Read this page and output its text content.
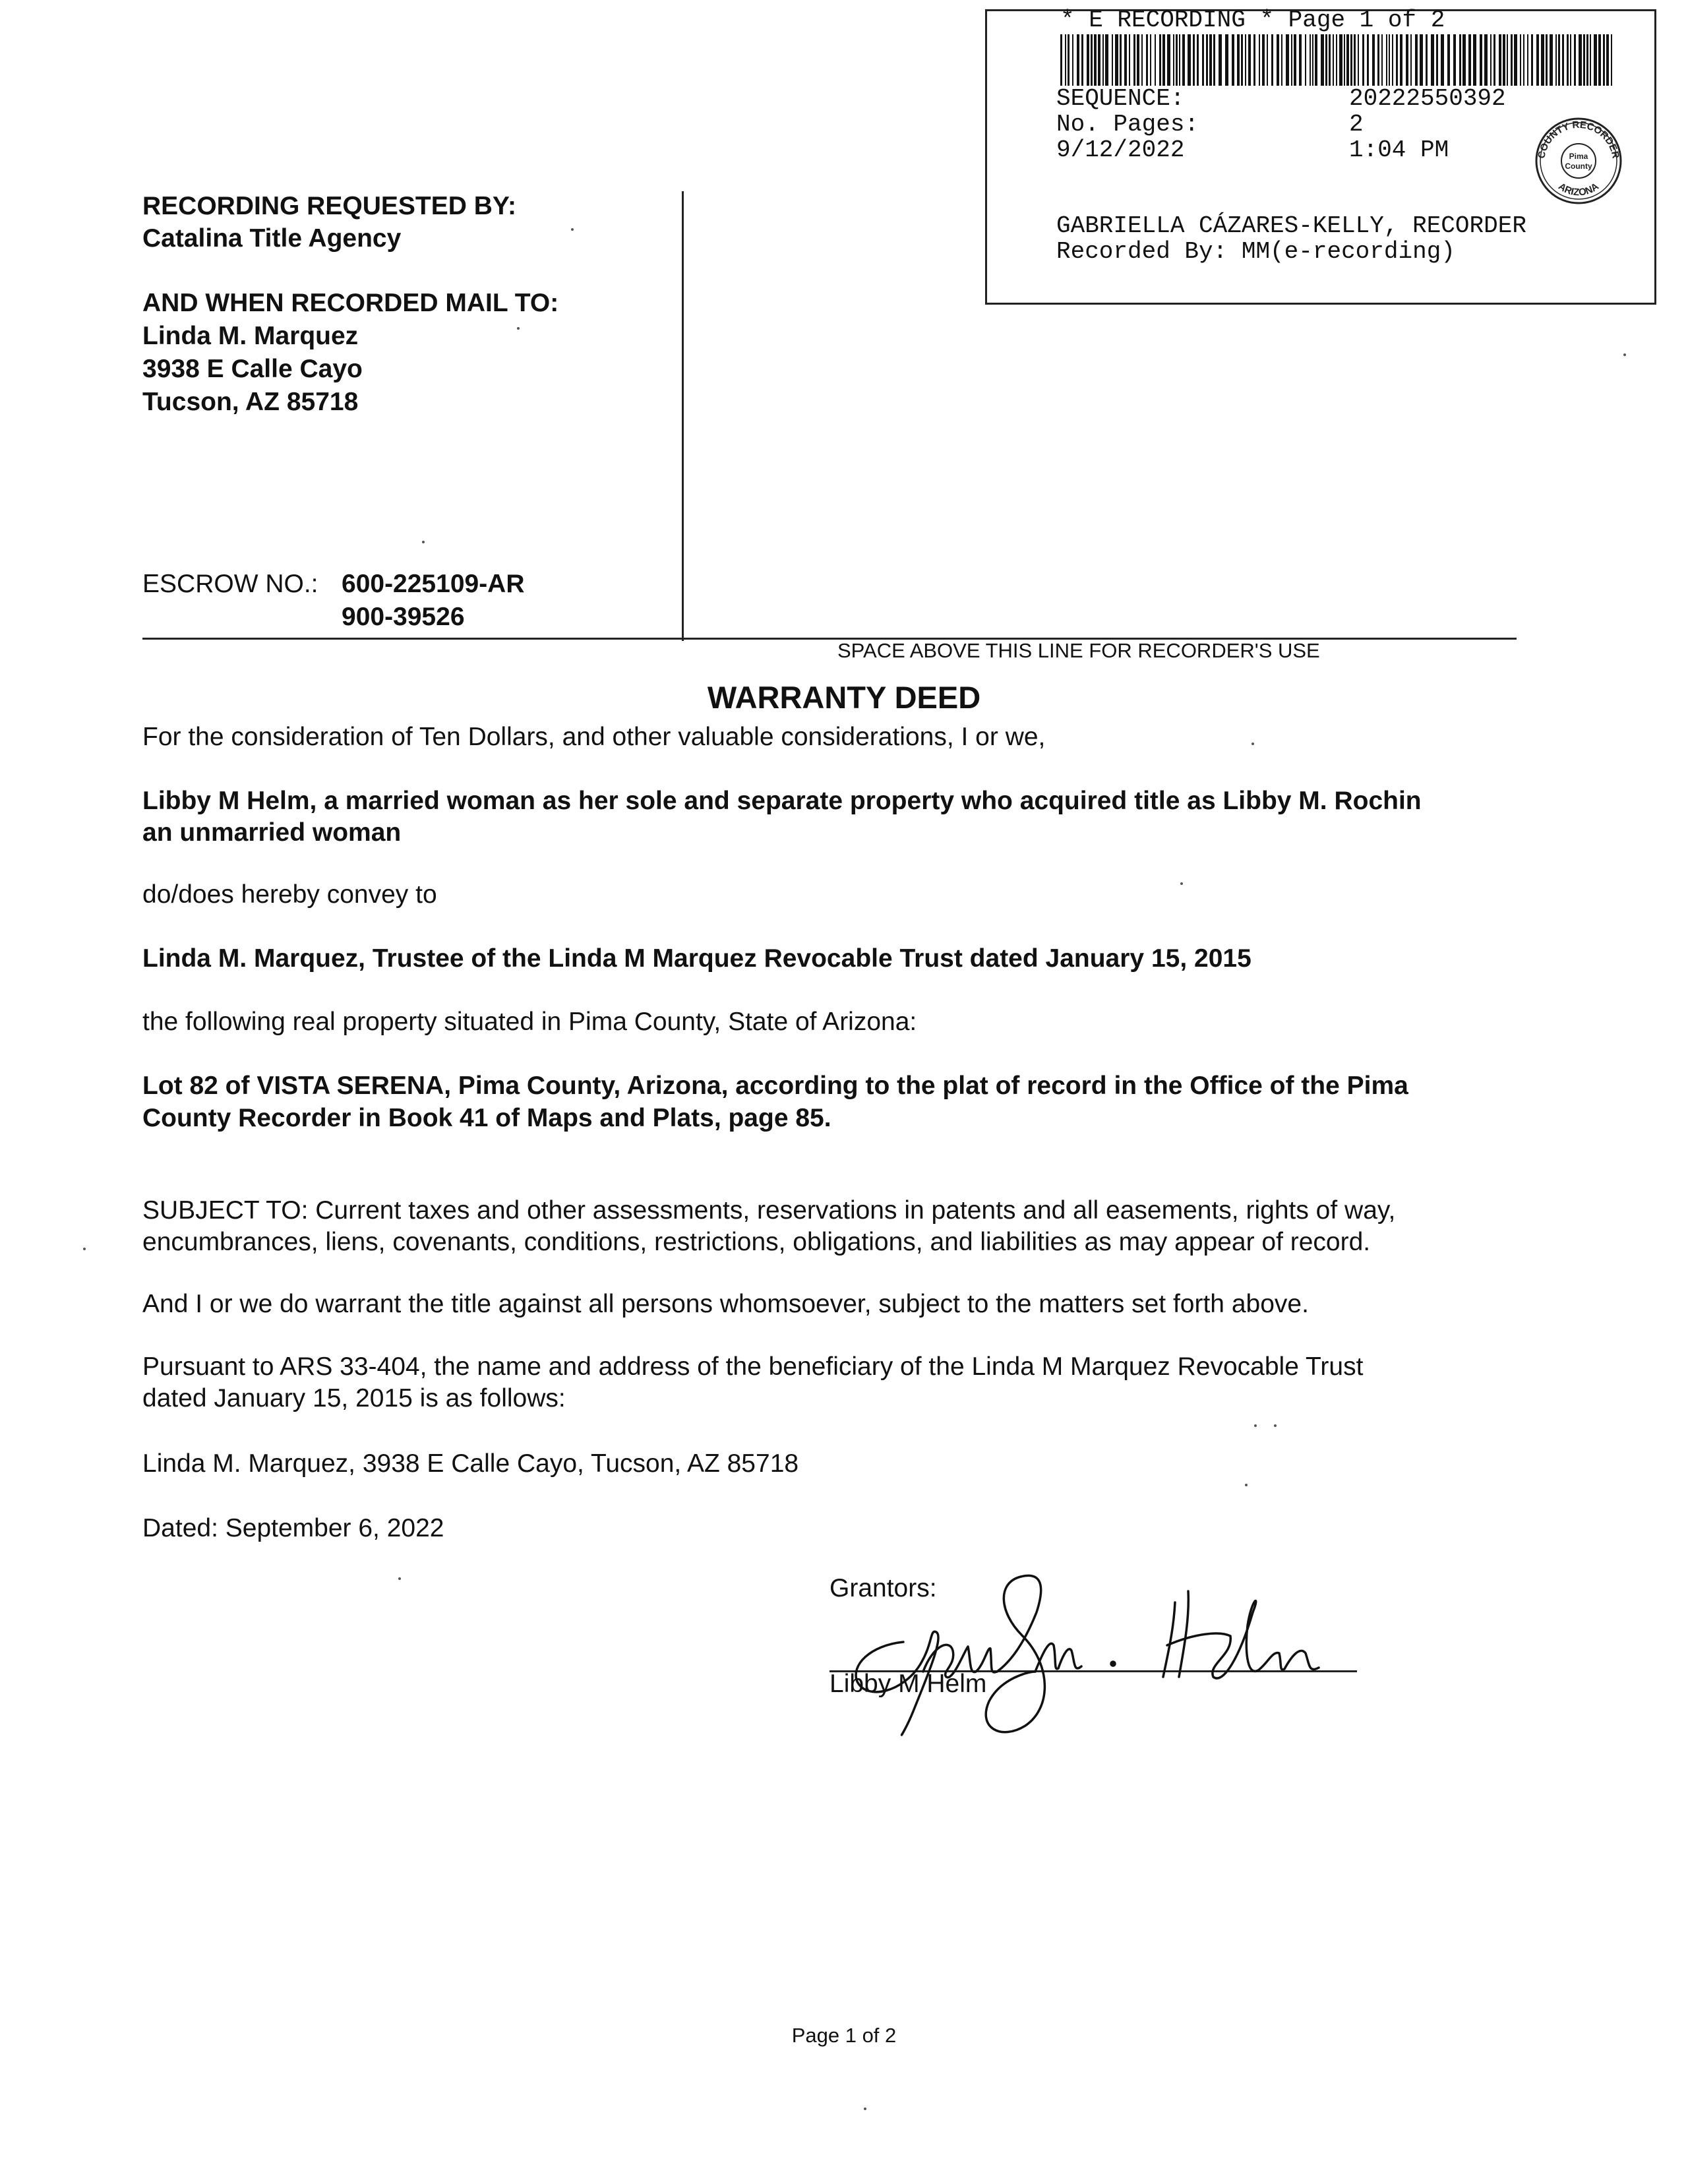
* E RECORDING * Page 1 of 2
SEQUENCE:	20222550392
No. Pages:	2
9/12/2022	1:04 PM	COUNTY RECORDER
ARIZONA
Pima
County
GABRIELLA CÁZARES-KELLY, RECORDER
Recorded By: MM(e-recording)
RECORDING REQUESTED BY:
Catalina Title Agency
AND WHEN RECORDED MAIL TO:
Linda M. Marquez
3938 E Calle Cayo
Tucson, AZ 85718
ESCROW NO.: 600-225109-AR
900-39526
SPACE ABOVE THIS LINE FOR RECORDER'S USE
WARRANTY DEED
For the consideration of Ten Dollars, and other valuable considerations, I or we,
Libby M Helm, a married woman as her sole and separate property who acquired title as Libby M. Rochin
an unmarried woman
do/does hereby convey to
Linda M. Marquez, Trustee of the Linda M Marquez Revocable Trust dated January 15, 2015
the following real property situated in Pima County, State of Arizona:
Lot 82 of VISTA SERENA, Pima County, Arizona, according to the plat of record in the Office of the Pima
County Recorder in Book 41 of Maps and Plats, page 85.
SUBJECT TO: Current taxes and other assessments, reservations in patents and all easements, rights of way,
encumbrances, liens, covenants, conditions, restrictions, obligations, and liabilities as may appear of record.
And I or we do warrant the title against all persons whomsoever, subject to the matters set forth above.
Pursuant to ARS 33-404, the name and address of the beneficiary of the Linda M Marquez Revocable Trust
dated January 15, 2015 is as follows:
Linda M. Marquez, 3938 E Calle Cayo, Tucson, AZ 85718
Dated: September 6, 2022
Grantors:
Libby M Helm
Page 1 of 2
